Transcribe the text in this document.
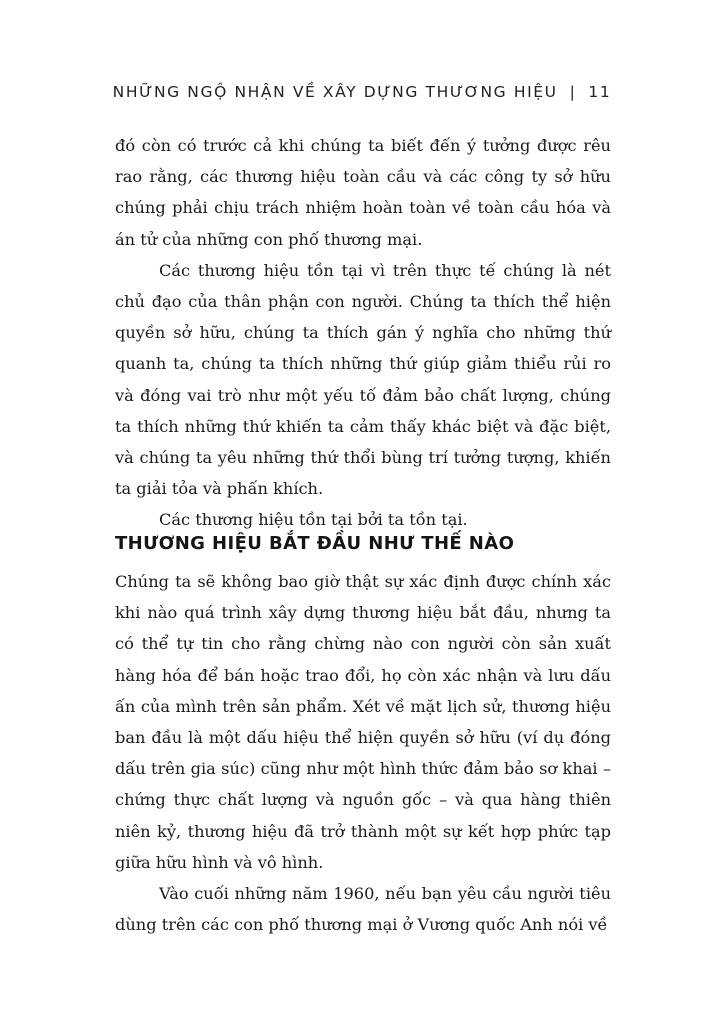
NHỮNG NGỘ NHẬN VỀ XÂY DỰNG THƯƠNG HIỆU | 11

đó còn có trước cả khi chúng ta biết đến ý tưởng được rêu rao rằng, các thương hiệu toàn cầu và các công ty sở hữu chúng phải chịu trách nhiệm hoàn toàn về toàn cầu hóa và án tử của những con phố thương mại.

Các thương hiệu tồn tại vì trên thực tế chúng là nét chủ đạo của thân phận con người. Chúng ta thích thể hiện quyền sở hữu, chúng ta thích gán ý nghĩa cho những thứ quanh ta, chúng ta thích những thứ giúp giảm thiểu rủi ro và đóng vai trò như một yếu tố đảm bảo chất lượng, chúng ta thích những thứ khiến ta cảm thấy khác biệt và đặc biệt, và chúng ta yêu những thứ thổi bùng trí tưởng tượng, khiến ta giải tỏa và phấn khích.

Các thương hiệu tồn tại bởi ta tồn tại.

THƯƠNG HIỆU BẮT ĐẦU NHƯ THẾ NÀO

Chúng ta sẽ không bao giờ thật sự xác định được chính xác khi nào quá trình xây dựng thương hiệu bắt đầu, nhưng ta có thể tự tin cho rằng chừng nào con người còn sản xuất hàng hóa để bán hoặc trao đổi, họ còn xác nhận và lưu dấu ấn của mình trên sản phẩm. Xét về mặt lịch sử, thương hiệu ban đầu là một dấu hiệu thể hiện quyền sở hữu (ví dụ đóng dấu trên gia súc) cũng như một hình thức đảm bảo sơ khai – chứng thực chất lượng và nguồn gốc – và qua hàng thiên niên kỷ, thương hiệu đã trở thành một sự kết hợp phức tạp giữa hữu hình và vô hình.

Vào cuối những năm 1960, nếu bạn yêu cầu người tiêu dùng trên các con phố thương mại ở Vương quốc Anh nói về
